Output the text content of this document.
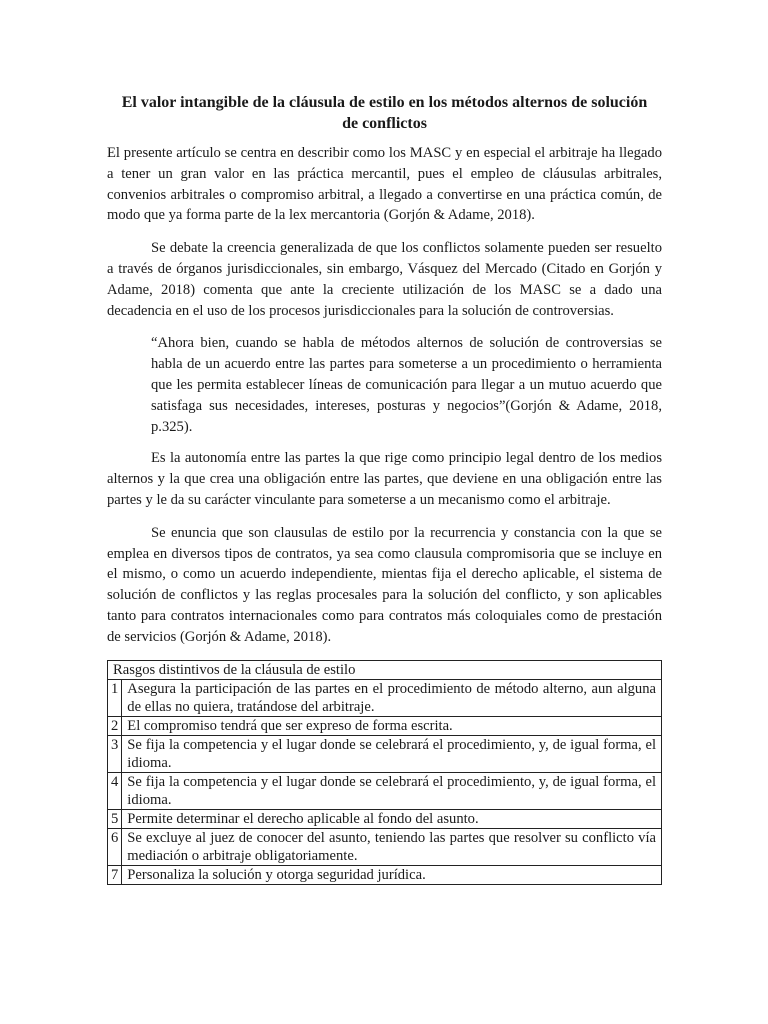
El valor intangible de la cláusula de estilo en los métodos alternos de solución de conflictos

El presente artículo se centra en describir como los MASC y en especial el arbitraje ha llegado a tener un gran valor en las práctica mercantil, pues el empleo de cláusulas arbitrales, convenios arbitrales o compromiso arbitral, a llegado a convertirse en una práctica común, de modo que ya forma parte de la lex mercantoria (Gorjón & Adame, 2018).

Se debate la creencia generalizada de que los conflictos solamente pueden ser resuelto a través de órganos jurisdiccionales, sin embargo, Vásquez del Mercado (Citado en Gorjón y Adame, 2018) comenta que ante la creciente utilización de los MASC se a dado una decadencia en el uso de los procesos jurisdiccionales para la solución de controversias.

“Ahora bien, cuando se habla de métodos alternos de solución de controversias se habla de un acuerdo entre las partes para someterse a un procedimiento o herramienta que les permita establecer líneas de comunicación para llegar a un mutuo acuerdo que satisfaga sus necesidades, intereses, posturas y negocios”(Gorjón & Adame, 2018, p.325).

Es la autonomía entre las partes la que rige como principio legal dentro de los medios alternos y la que crea una obligación entre las partes, que deviene en una obligación entre las partes y le da su carácter vinculante para someterse a un mecanismo como el arbitraje.

Se enuncia que son clausulas de estilo por la recurrencia y constancia con la que se emplea en diversos tipos de contratos, ya sea como clausula compromisoria que se incluye en el mismo, o como un acuerdo independiente, mientas fija el derecho aplicable, el sistema de solución de conflictos y las reglas procesales para la solución del conflicto, y son aplicables tanto para contratos internacionales como para contratos más coloquiales como de prestación de servicios (Gorjón & Adame, 2018).

Rasgos distintivos de la cláusula de estilo	
1	Asegura la participación de las partes en el procedimiento de método alterno, aun alguna de ellas no quiera, tratándose del arbitraje.
2	El compromiso tendrá que ser expreso de forma escrita.
3	Se fija la competencia y el lugar donde se celebrará el procedimiento, y, de igual forma, el idioma.
4	Se fija la competencia y el lugar donde se celebrará el procedimiento, y, de igual forma, el idioma.
5	Permite determinar el derecho aplicable al fondo del asunto.
6	Se excluye al juez de conocer del asunto, teniendo las partes que resolver su conflicto vía mediación o arbitraje obligatoriamente.
7	Personaliza la solución y otorga seguridad jurídica.
